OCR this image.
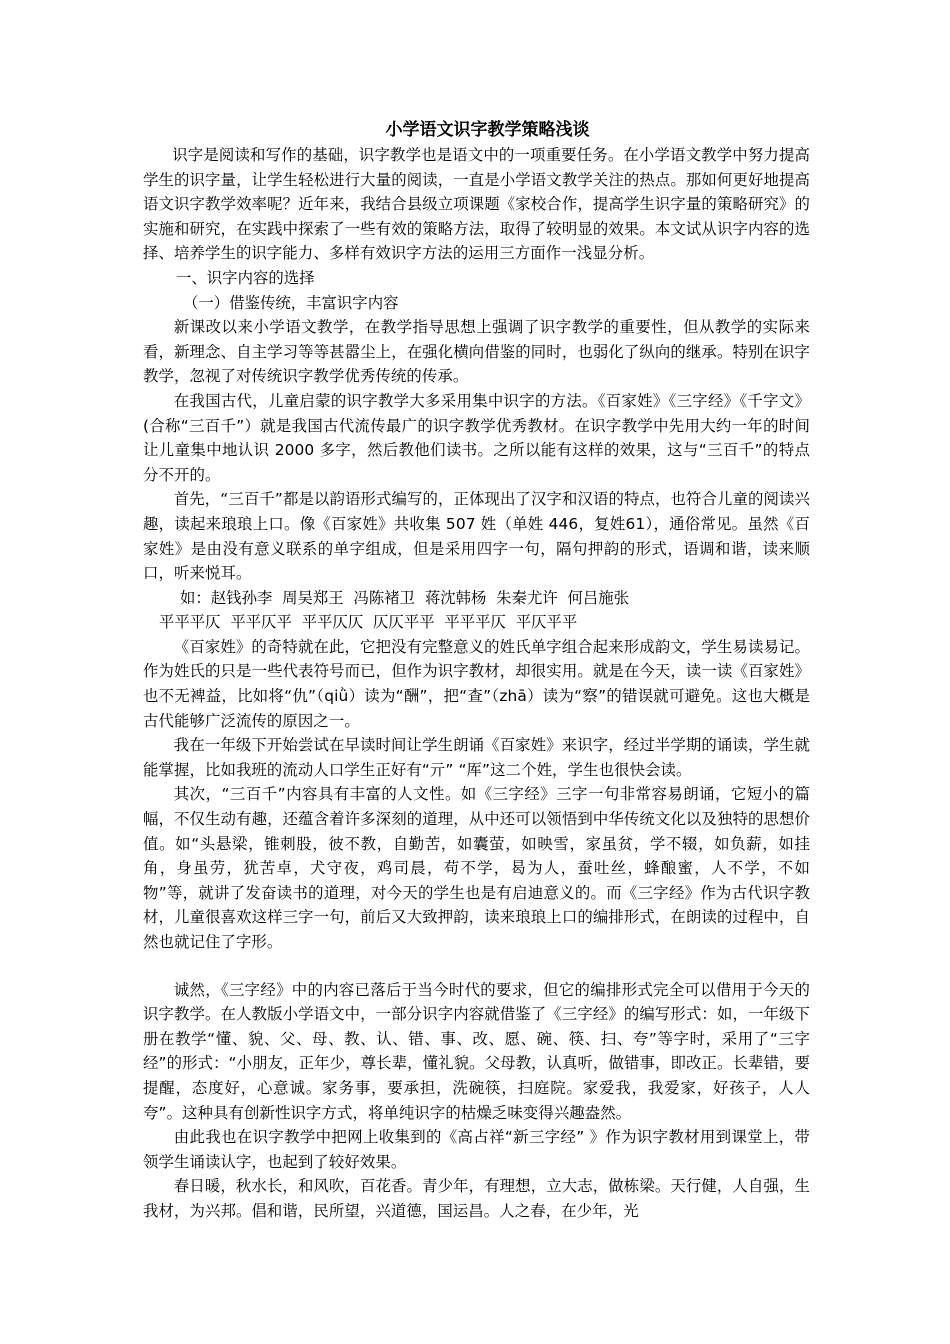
小学语文识字教学策略浅谈

识字是阅读和写作的基础，识字教学也是语文中的一项重要任务。在小学语文教学中努力提高学生的识字量，让学生轻松进行大量的阅读，一直是小学语文教学关注的热点。那如何更好地提高语文识字教学效率呢？近年来，我结合县级立项课题《家校合作，提高学生识字量的策略研究》的实施和研究，在实践中探索了一些有效的策略方法，取得了较明显的效果。本文试从识字内容的选择、培养学生的识字能力、多样有效识字方法的运用三方面作一浅显分析。

一、识字内容的选择

（一）借鉴传统，丰富识字内容

新课改以来小学语文教学，在教学指导思想上强调了识字教学的重要性，但从教学的实际来看，新理念、自主学习等等甚嚣尘上，在强化横向借鉴的同时，也弱化了纵向的继承。特别在识字教学，忽视了对传统识字教学优秀传统的传承。

在我国古代，儿童启蒙的识字教学大多采用集中识字的方法。《百家姓》《三字经》《千字文》(合称“三百千”）就是我国古代流传最广的识字教学优秀教材。在识字教学中先用大约一年的时间让儿童集中地认识 2000 多字，然后教他们读书。之所以能有这样的效果，这与“三百千”的特点分不开的。

首先，“三百千”都是以韵语形式编写的，正体现出了汉字和汉语的特点，也符合儿童的阅读兴趣，读起来琅琅上口。像《百家姓》共收集 507 姓（单姓 446，复姓61），通俗常见。虽然《百家姓》是由没有意义联系的单字组成，但是采用四字一句，隔句押韵的形式，语调和谐，读来顺口，听来悦耳。

如：赵钱孙李  周吴郑王  冯陈褚卫  蒋沈韩杨  朱秦尤许  何吕施张

平平平仄  平平仄平  平平仄仄  仄仄平平  平平平仄  平仄平平

《百家姓》的奇特就在此，它把没有完整意义的姓氏单字组合起来形成韵文，学生易读易记。作为姓氏的只是一些代表符号而已，但作为识字教材，却很实用。就是在今天，读一读《百家姓》也不无裨益，比如将“仇”（qiǜ）读为“酬”，把“查”（zhā）读为“察”的错误就可避免。这也大概是古代能够广泛流传的原因之一。

我在一年级下开始尝试在早读时间让学生朗诵《百家姓》来识字，经过半学期的诵读，学生就能掌握，比如我班的流动人口学生正好有“亓” “厍”这二个姓，学生也很快会读。

其次，“三百千”内容具有丰富的人文性。如《三字经》三字一句非常容易朗诵，它短小的篇幅，不仅生动有趣，还蕴含着许多深刻的道理，从中还可以领悟到中华传统文化以及独特的思想价值。如“头悬梁，锥刺股，彼不教，自勤苦，如囊萤，如映雪，家虽贫，学不辍，如负薪，如挂角，身虽劳，犹苦卓，犬守夜，鸡司晨，苟不学，曷为人，蚕吐丝，蜂酿蜜，人不学，不如物”等，就讲了发奋读书的道理，对今天的学生也是有启迪意义的。而《三字经》作为古代识字教材，儿童很喜欢这样三字一句，前后又大致押韵，读来琅琅上口的编排形式，在朗读的过程中，自然也就记住了字形。

诚然，《三字经》中的内容已落后于当今时代的要求，但它的编排形式完全可以借用于今天的识字教学。在人教版小学语文中，一部分识字内容就借鉴了《三字经》的编写形式：如，一年级下册在教学“懂、貌、父、母、教、认、错、事、改、愿、碗、筷、扫、夸”等字时，采用了“三字经”的形式：“小朋友，正年少，尊长辈，懂礼貌。父母教，认真听，做错事，即改正。长辈错，要提醒，态度好，心意诚。家务事，要承担，洗碗筷，扫庭院。家爱我，我爱家，好孩子，人人夸”。这种具有创新性识字方式，将单纯识字的枯燥乏味变得兴趣盎然。

由此我也在识字教学中把网上收集到的《高占祥“新三字经” 》作为识字教材用到课堂上，带领学生诵读认字，也起到了较好效果。

春日暖，秋水长，和风吹，百花香。青少年，有理想，立大志，做栋梁。天行健，人自强，生我材，为兴邦。倡和谐，民所望，兴道德，国运昌。人之春，在少年，光
